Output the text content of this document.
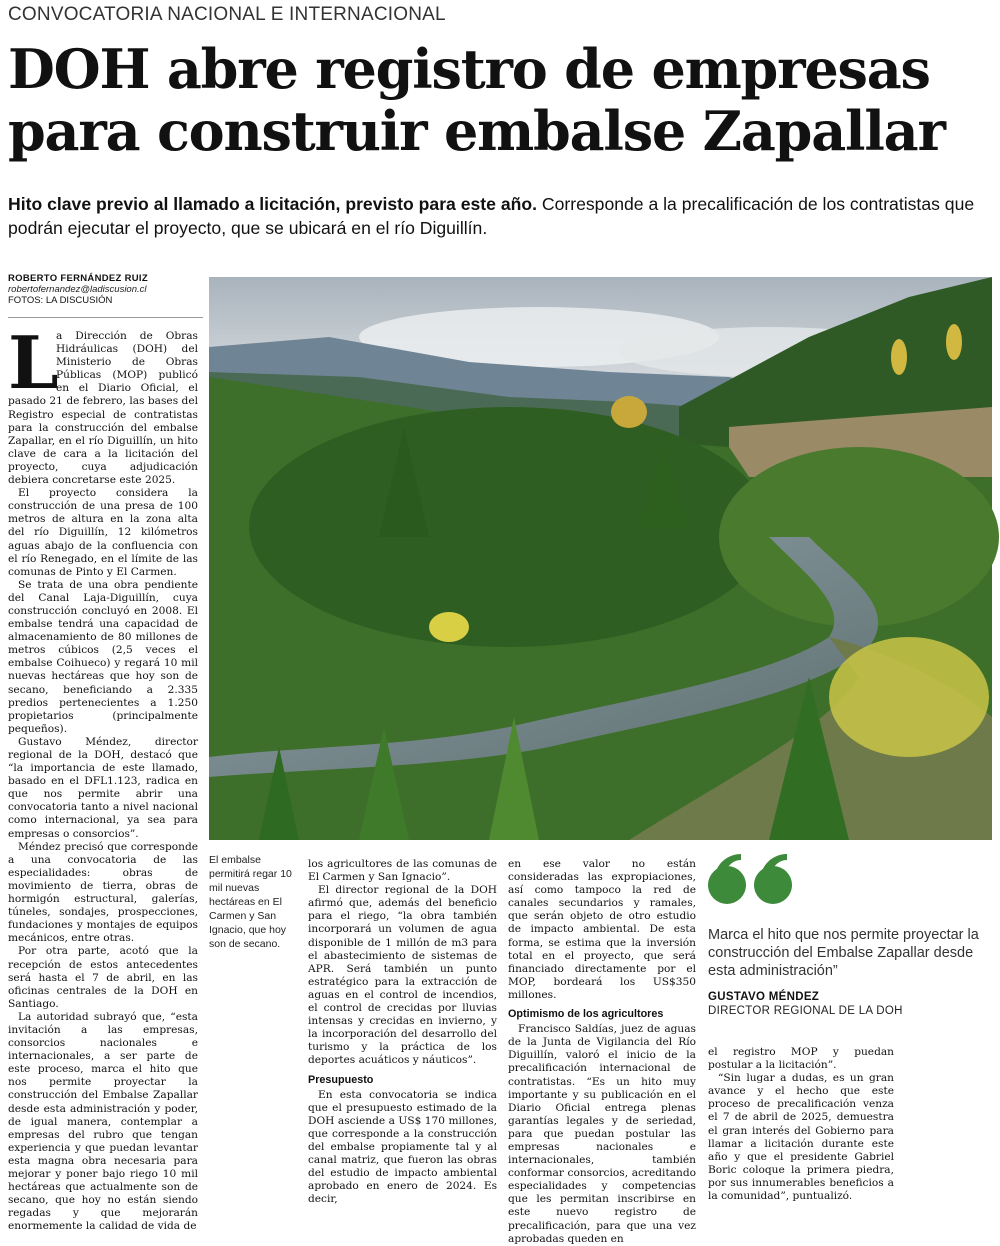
CONVOCATORIA NACIONAL E INTERNACIONAL
DOH abre registro de empresas
para construir embalse Zapallar

Hito clave previo al llamado a licitación, previsto para este año. Corresponde a la precalificación de los contratistas que podrán ejecutar el proyecto, que se ubicará en el río Diguillín.

ROBERTO FERNÁNDEZ RUIZ
robertofernandez@ladiscusion.cl
FOTOS: LA DISCUSIÓN
El embalse permitirá regar 10 mil nuevas hectáreas en El Carmen y San Ignacio, que hoy son de secano.
L

a Dirección de Obras Hidráulicas (DOH) del Ministerio de Obras Públicas (MOP) publicó en el Diario Oficial, el pasado 21 de febrero, las bases del Registro especial de contratistas para la construcción del embalse Zapallar, en el río Diguillín, un hito clave de cara a la licitación del proyecto, cuya adjudicación debiera concretarse este 2025.

El proyecto considera la construcción de una presa de 100 metros de altura en la zona alta del río Diguillín, 12 kilómetros aguas abajo de la confluencia con el río Renegado, en el límite de las comunas de Pinto y El Carmen.

Se trata de una obra pendiente del Canal Laja-Diguillín, cuya construcción concluyó en 2008. El embalse tendrá una capacidad de almacenamiento de 80 millones de metros cúbicos (2,5 veces el embalse Coihueco) y regará 10 mil nuevas hectáreas que hoy son de secano, beneficiando a 2.335 predios pertenecientes a 1.250 propietarios (principalmente pequeños).

Gustavo Méndez, director regional de la DOH, destacó que “la importancia de este llamado, basado en el DFL1.123, radica en que nos permite abrir una convocatoria tanto a nivel nacional como internacional, ya sea para empresas o consorcios”.

Méndez precisó que corresponde a una convocatoria de las especialidades: obras de movimiento de tierra, obras de hormigón estructural, galerías, túneles, sondajes, prospecciones, fundaciones y montajes de equipos mecánicos, entre otras.

Por otra parte, acotó que la recepción de estos antecedentes será hasta el 7 de abril, en las oficinas centrales de la DOH en Santiago.

La autoridad subrayó que, “esta invitación a las empresas, consorcios nacionales e internacionales, a ser parte de este proceso, marca el hito que nos permite proyectar la construcción del Embalse Zapallar desde esta administración y poder, de igual manera, contemplar a empresas del rubro que tengan experiencia y que puedan levantar esta magna obra necesaria para mejorar y poner bajo riego 10 mil hectáreas que actualmente son de secano, que hoy no están siendo regadas y que mejorarán enormemente la calidad de vida de

los agricultores de las comunas de El Carmen y San Ignacio”.

El director regional de la DOH afirmó que, además del beneficio para el riego, “la obra también incorporará un volumen de agua disponible de 1 millón de m3 para el abastecimiento de sistemas de APR. Será también un punto estratégico para la extracción de aguas en el control de incendios, el control de crecidas por lluvias intensas y crecidas en invierno, y la incorporación del desarrollo del turismo y la práctica de los deportes acuáticos y náuticos”.

Presupuesto

En esta convocatoria se indica que el presupuesto estimado de la DOH asciende a US$ 170 millones, que corresponde a la construcción del embalse propiamente tal y al canal matriz, que fueron las obras del estudio de impacto ambiental aprobado en enero de 2024. Es decir,

en ese valor no están consideradas las expropiaciones, así como tampoco la red de canales secundarios y ramales, que serán objeto de otro estudio de impacto ambiental. De esta forma, se estima que la inversión total en el proyecto, que será financiado directamente por el MOP, bordeará los US$350 millones.

Optimismo de los agricultores

Francisco Saldías, juez de aguas de la Junta de Vigilancia del Río Diguillín, valoró el inicio de la precalificación internacional de contratistas. “Es un hito muy importante y su publicación en el Diario Oficial entrega plenas garantías legales y de seriedad, para que puedan postular las empresas nacionales e internacionales, también conformar consorcios, acreditando especialidades y competencias que les permitan inscribirse en este nuevo registro de precalificación, para que una vez aprobadas queden en

Marca el hito que nos permite proyectar la construcción del Embalse Zapallar desde esta administración”
GUSTAVO MÉNDEZ
DIRECTOR REGIONAL DE LA DOH

el registro MOP y puedan postular a la licitación”.

“Sin lugar a dudas, es un gran avance y el hecho que este proceso de precalificación venza el 7 de abril de 2025, demuestra el gran interés del Gobierno para llamar a licitación durante este año y que el presidente Gabriel Boric coloque la primera piedra, por sus innumerables beneficios a la comunidad”, puntualizó.
